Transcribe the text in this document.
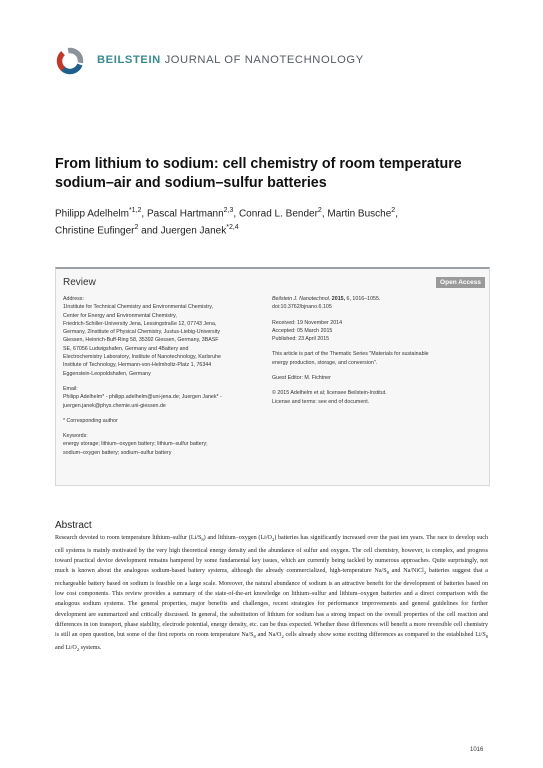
BEILSTEIN JOURNAL OF NANOTECHNOLOGY
From lithium to sodium: cell chemistry of room temperature sodium–air and sodium–sulfur batteries
Philipp Adelhelm$^{*1,2}$, Pascal Hartmann$^{2,3}$, Conrad L. Bender$^2$, Martin Busche$^2$,
Christine Eufinger$^2$ and Juergen Janek$^{*2,4}$
Review	Open Access
Address:
1Institute for Technical Chemistry and Environmental Chemistry,
Center for Energy and Environmental Chemistry,
Friedrich-Schiller-University Jena, Lessingstraße 12, 07743 Jena,
Germany, 2Institute of Physical Chemistry, Justus-Liebig-University
Giessen, Heinrich-Buff-Ring 58, 35392 Giessen, Germany, 3BASF
SE, 67056 Ludwigshafen, Germany and 4Battery and
Electrochemistry Laboratory, Institute of Nanotechnology, Karlsruhe
Institute of Technology, Hermann-von-Helmholtz-Platz 1, 76344
Eggenstein-Leopoldshafen, Germany
Email:
Philipp Adelhelm* - philipp.adelhelm@uni-jena.de; Juergen Janek* -
juergen.janek@phys.chemie.uni-giessen.de
* Corresponding author
Keywords:
energy storage; lithium–oxygen battery; lithium–sulfur battery;
sodium–oxygen battery; sodium–sulfur battery
Beilstein J. Nanotechnol. 2015, 6, 1016–1055.
doi:10.3762/bjnano.6.105
Received: 19 November 2014
Accepted: 05 March 2015
Published: 23 April 2015
This article is part of the Thematic Series "Materials for sustainable
energy production, storage, and conversion".
Guest Editor: M. Fichtner
© 2015 Adelhelm et al; licensee Beilstein-Institut.
License and terms: see end of document.
Abstract
Research devoted to room temperature lithium–sulfur $(Li/S_8)$ and lithium–oxygen $(Li/O_2)$ batteries has significantly increased over the past ten years. The race to develop such cell systems is mainly motivated by the very high theoretical energy density and the abundance of sulfur and oxygen. The cell chemistry, however, is complex, and progress toward practical device development remains hampered by some fundamental key issues, which are currently being tackled by numerous approaches. Quite surprisingly, not much is known about the analogous sodium-based battery systems, although the already commercialized, high-temperature $Na/S_8$ and Na/NiCl$_2$ batteries suggest that a rechargeable battery based on sodium is feasible on a large scale. Moreover, the natural abundance of sodium is an attractive benefit for the development of batteries based on low cost components. This review provides a summary of the state-of-the-art knowledge on lithium–sulfur and lithium–oxygen batteries and a direct comparison with the analogous sodium systems. The general properties, major benefits and challenges, recent strategies for performance improvements and general guidelines for further development are summarized and critically discussed. In general, the substitution of lithium for sodium has a strong impact on the overall properties of the cell reaction and differences in ion transport, phase stability, electrode potential, energy density, etc. can be thus expected. Whether these differences will benefit a more reversible cell chemistry is still an open question, but some of the first reports on room temperature $Na/S_8$ and $Na/O_2$ cells already show some exciting differences as compared to the established $Li/S_8$ and $Li/O_2$ systems.
1016
